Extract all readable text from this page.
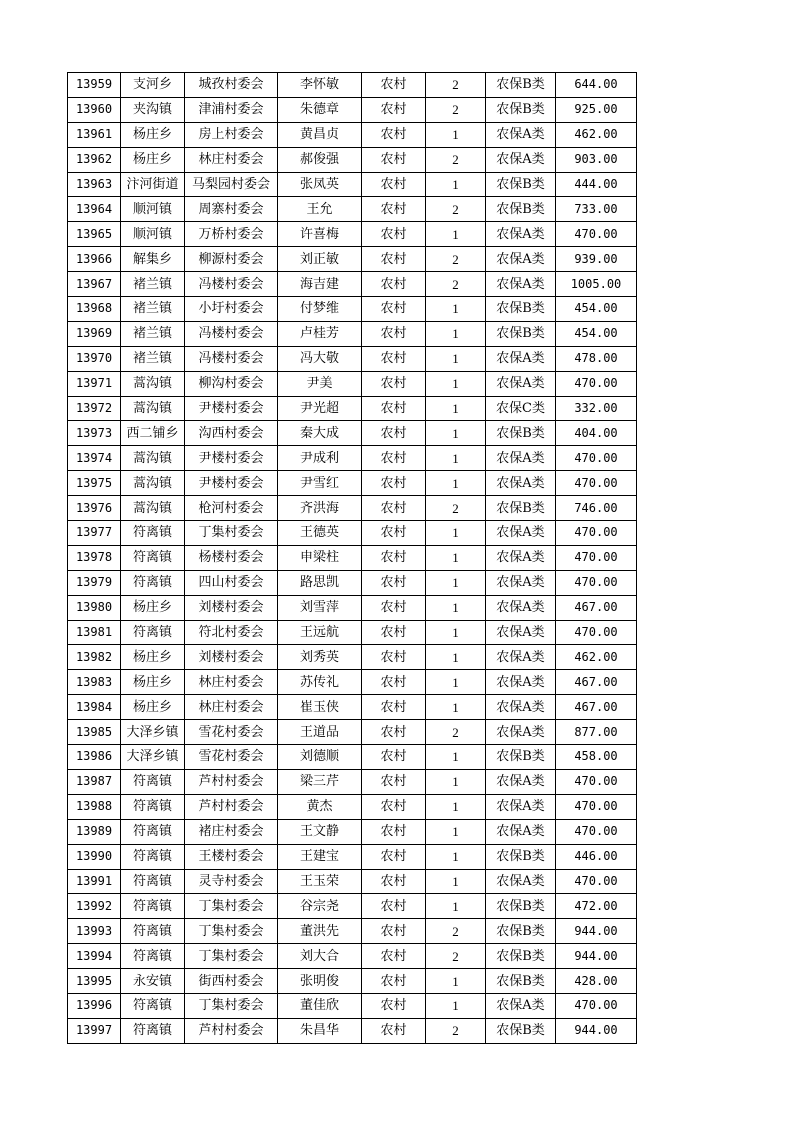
13959	支河乡	城孜村委会	李怀敏	农村	2	农保B类	644.00
13960	夹沟镇	津浦村委会	朱德章	农村	2	农保B类	925.00
13961	杨庄乡	房上村委会	黄昌贞	农村	1	农保A类	462.00
13962	杨庄乡	林庄村委会	郝俊强	农村	2	农保A类	903.00
13963	汴河街道	马梨园村委会	张凤英	农村	1	农保B类	444.00
13964	顺河镇	周寨村委会	王允	农村	2	农保B类	733.00
13965	顺河镇	万桥村委会	许喜梅	农村	1	农保A类	470.00
13966	解集乡	柳源村委会	刘正敏	农村	2	农保A类	939.00
13967	褚兰镇	冯楼村委会	海吉建	农村	2	农保A类	1005.00
13968	褚兰镇	小圩村委会	付梦维	农村	1	农保B类	454.00
13969	褚兰镇	冯楼村委会	卢桂芳	农村	1	农保B类	454.00
13970	褚兰镇	冯楼村委会	冯大敬	农村	1	农保A类	478.00
13971	蒿沟镇	柳沟村委会	尹美	农村	1	农保A类	470.00
13972	蒿沟镇	尹楼村委会	尹光超	农村	1	农保C类	332.00
13973	西二铺乡	沟西村委会	秦大成	农村	1	农保B类	404.00
13974	蒿沟镇	尹楼村委会	尹成利	农村	1	农保A类	470.00
13975	蒿沟镇	尹楼村委会	尹雪红	农村	1	农保A类	470.00
13976	蒿沟镇	枪河村委会	齐洪海	农村	2	农保B类	746.00
13977	符离镇	丁集村委会	王德英	农村	1	农保A类	470.00
13978	符离镇	杨楼村委会	申梁柱	农村	1	农保A类	470.00
13979	符离镇	四山村委会	路思凯	农村	1	农保A类	470.00
13980	杨庄乡	刘楼村委会	刘雪萍	农村	1	农保A类	467.00
13981	符离镇	符北村委会	王远航	农村	1	农保A类	470.00
13982	杨庄乡	刘楼村委会	刘秀英	农村	1	农保A类	462.00
13983	杨庄乡	林庄村委会	苏传礼	农村	1	农保A类	467.00
13984	杨庄乡	林庄村委会	崔玉侠	农村	1	农保A类	467.00
13985	大泽乡镇	雪花村委会	王道品	农村	2	农保A类	877.00
13986	大泽乡镇	雪花村委会	刘德顺	农村	1	农保B类	458.00
13987	符离镇	芦村村委会	梁三芹	农村	1	农保A类	470.00
13988	符离镇	芦村村委会	黄杰	农村	1	农保A类	470.00
13989	符离镇	褚庄村委会	王文静	农村	1	农保A类	470.00
13990	符离镇	王楼村委会	王建宝	农村	1	农保B类	446.00
13991	符离镇	灵寺村委会	王玉荣	农村	1	农保A类	470.00
13992	符离镇	丁集村委会	谷宗尧	农村	1	农保B类	472.00
13993	符离镇	丁集村委会	董洪先	农村	2	农保B类	944.00
13994	符离镇	丁集村委会	刘大合	农村	2	农保B类	944.00
13995	永安镇	街西村委会	张明俊	农村	1	农保B类	428.00
13996	符离镇	丁集村委会	董佳欣	农村	1	农保A类	470.00
13997	符离镇	芦村村委会	朱昌华	农村	2	农保B类	944.00
